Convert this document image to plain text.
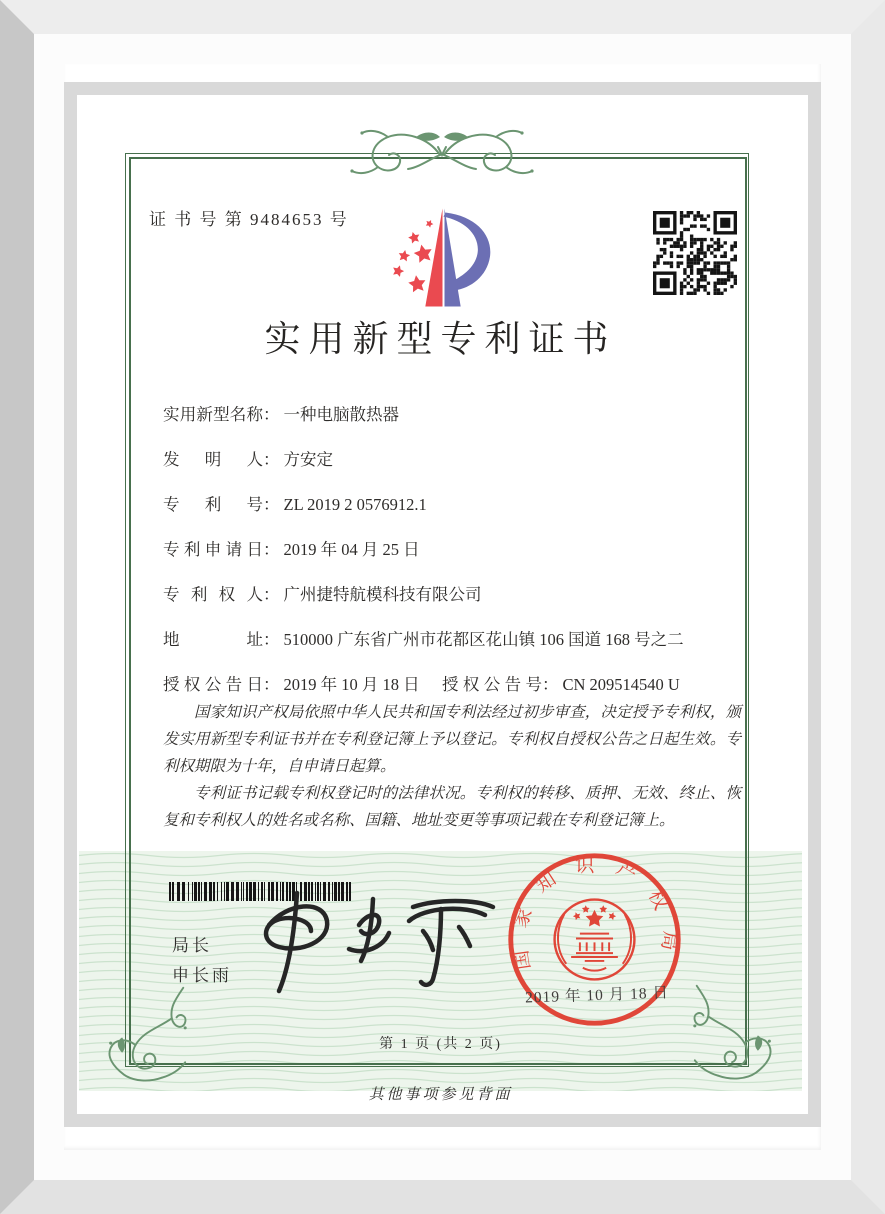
证 书 号 第 9484653 号
实用新型专利证书
实用新型名称： 一种电脑散热器
发明人： 方安定
专利号： ZL 2019 2 0576912.1
专利申请日： 2019 年 04 月 25 日
专利权人： 广州捷特航模科技有限公司
地址： 510000 广东省广州市花都区花山镇 106 国道 168 号之二
授权公告日： 2019 年 10 月 18 日 授权公告号： CN 209514540 U

国家知识产权局依照中华人民共和国专利法经过初步审查，决定授予专利权，颁发实用新型专利证书并在专利登记簿上予以登记。专利权自授权公告之日起生效。专利权期限为十年，自申请日起算。

专利证书记载专利权登记时的法律状况。专利权的转移、质押、无效、终止、恢复和专利权人的姓名或名称、国籍、地址变更等事项记载在专利登记簿上。

局长
申长雨
国家知识产权局
2019 年 10 月 18 日
第 1 页 (共 2 页)
其他事项参见背面
